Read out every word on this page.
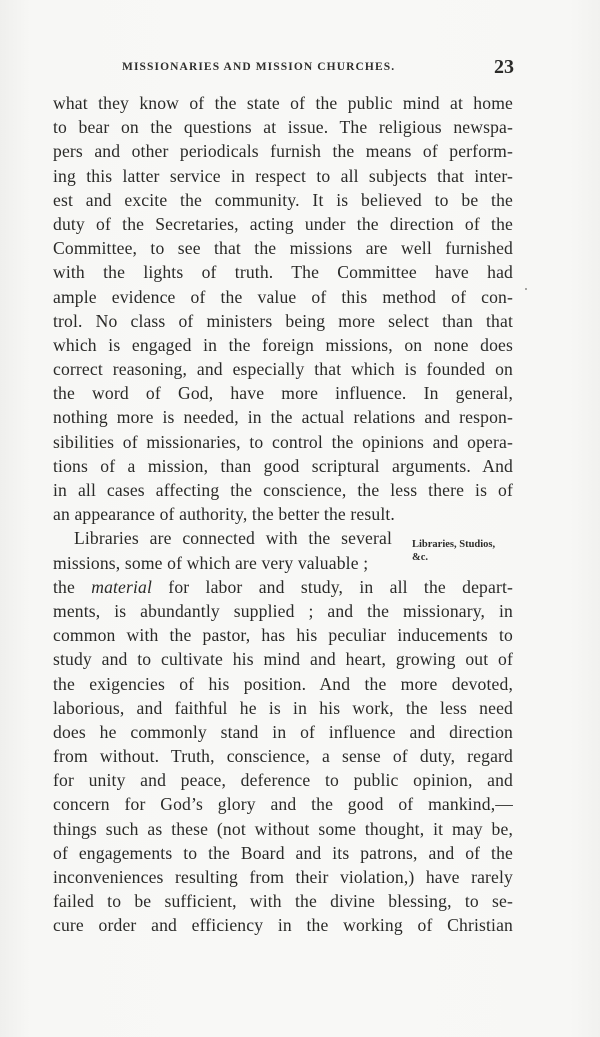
MISSIONARIES AND MISSION CHURCHES.	23
what they know of the state of the public mind at home
to bear on the questions at issue. The religious newspa-
pers and other periodicals furnish the means of perform-
ing this latter service in respect to all subjects that inter-
est and excite the community. It is believed to be the
duty of the Secretaries, acting under the direction of the
Committee, to see that the missions are well furnished
with the lights of truth. The Committee have had
ample evidence of the value of this method of con-
trol. No class of ministers being more select than that
which is engaged in the foreign missions, on none does
correct reasoning, and especially that which is founded on
the word of God, have more influence. In general,
nothing more is needed, in the actual relations and respon-
sibilities of missionaries, to control the opinions and opera-
tions of a mission, than good scriptural arguments. And
in all cases affecting the conscience, the less there is of
an appearance of authority, the better the result.
Libraries are connected with the several
missions, some of which are very valuable ;
the material for labor and study, in all the depart-
ments, is abundantly supplied ; and the missionary, in
common with the pastor, has his peculiar inducements to
study and to cultivate his mind and heart, growing out of
the exigencies of his position. And the more devoted,
laborious, and faithful he is in his work, the less need
does he commonly stand in of influence and direction
from without. Truth, conscience, a sense of duty, regard
for unity and peace, deference to public opinion, and
concern for God’s glory and the good of mankind,—
things such as these (not without some thought, it may be,
of engagements to the Board and its patrons, and of the
inconveniences resulting from their violation,) have rarely
failed to be sufficient, with the divine blessing, to se-
cure order and efficiency in the working of Christian
Libraries, Studios,
&c.
